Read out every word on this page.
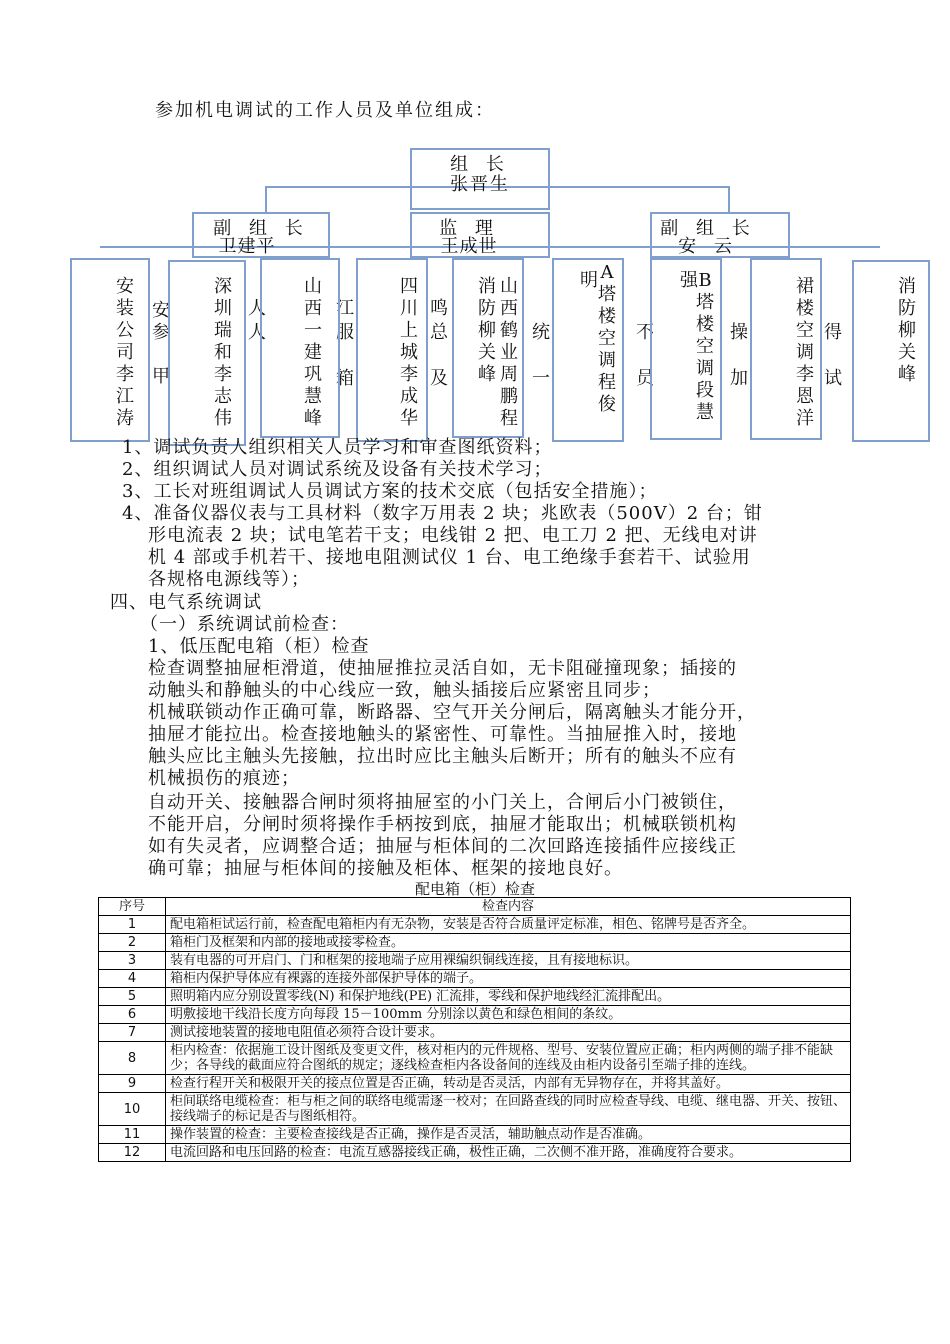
参加机电调试的工作人员及单位组成：
安
参
甲
人
人
江
服
箱
鸣
总
及
统
一
明
不
员
强
操
加
得
试
组 长
张晋生
副 组 长
卫建平
监 理
王成世
副 组 长
安 云
安装公司 李江涛
深圳瑞和 李志伟
山西一建 巩慧峰
四川上城 李成华
山西鹤业 周鹏程
消防 柳关峰
A塔楼空调 程俊
B塔楼空调 段慧
裙楼空调 李恩洋
消 防 柳关峰
1、调试负责人组织相关人员学习和审查图纸资料；
2、组织调试人员对调试系统及设备有关技术学习；
3、工长对班组调试人员调试方案的技术交底（包括安全措施）；
4、准备仪器仪表与工具材料（数字万用表 2 块；兆欧表（500V）2 台；钳
形电流表 2 块；试电笔若干支；电线钳 2 把、电工刀 2 把、无线电对讲
机 4 部或手机若干、接地电阻测试仪 1 台、电工绝缘手套若干、试验用
各规格电源线等）；
四、电气系统调试
（一）系统调试前检查：
1、低压配电箱（柜）检查
检查调整抽屉柜滑道，使抽屉推拉灵活自如，无卡阻碰撞现象；插接的
动触头和静触头的中心线应一致，触头插接后应紧密且同步；
机械联锁动作正确可靠，断路器、空气开关分闸后，隔离触头才能分开，
抽屉才能拉出。检查接地触头的紧密性、可靠性。当抽屉推入时，接地
触头应比主触头先接触，拉出时应比主触头后断开；所有的触头不应有
机械损伤的痕迹；
自动开关、接触器合闸时须将抽屉室的小门关上，合闸后小门被锁住，
不能开启，分闸时须将操作手柄按到底，抽屉才能取出；机械联锁机构
如有失灵者，应调整合适；抽屉与柜体间的二次回路连接插件应接线正
确可靠；抽屉与柜体间的接触及柜体、框架的接地良好。
配电箱（柜）检查
序号	检查内容
1	配电箱柜试运行前，检查配电箱柜内有无杂物，安装是否符合质量评定标准，相色、铭牌号是否齐全。
2	箱柜门及框架和内部的接地或接零检查。
3	装有电器的可开启门、门和框架的接地端子应用裸编织铜线连接，且有接地标识。
4	箱柜内保护导体应有裸露的连接外部保护导体的端子。
5	照明箱内应分别设置零线(N) 和保护地线(PE) 汇流排，零线和保护地线经汇流排配出。
6	明敷接地干线沿长度方向每段 15－100mm 分别涂以黄色和绿色相间的条纹。
7	测试接地装置的接地电阻值必须符合设计要求。
8	柜内检查：依据施工设计图纸及变更文件，核对柜内的元件规格、型号、安装位置应正确；柜内两侧的端子排不能缺少；各导线的截面应符合图纸的规定；逐线检查柜内各设备间的连线及由柜内设备引至端子排的连线。
9	检查行程开关和极限开关的接点位置是否正确，转动是否灵活，内部有无异物存在，并将其盖好。
10	柜间联络电缆检查：柜与柜之间的联络电缆需逐一校对；在回路查线的同时应检查导线、电缆、继电器、开关、按钮、接线端子的标记是否与图纸相符。
11	操作装置的检查：主要检查接线是否正确，操作是否灵活，辅助触点动作是否准确。
12	电流回路和电压回路的检查：电流互感器接线正确，极性正确，二次侧不准开路，准确度符合要求。
